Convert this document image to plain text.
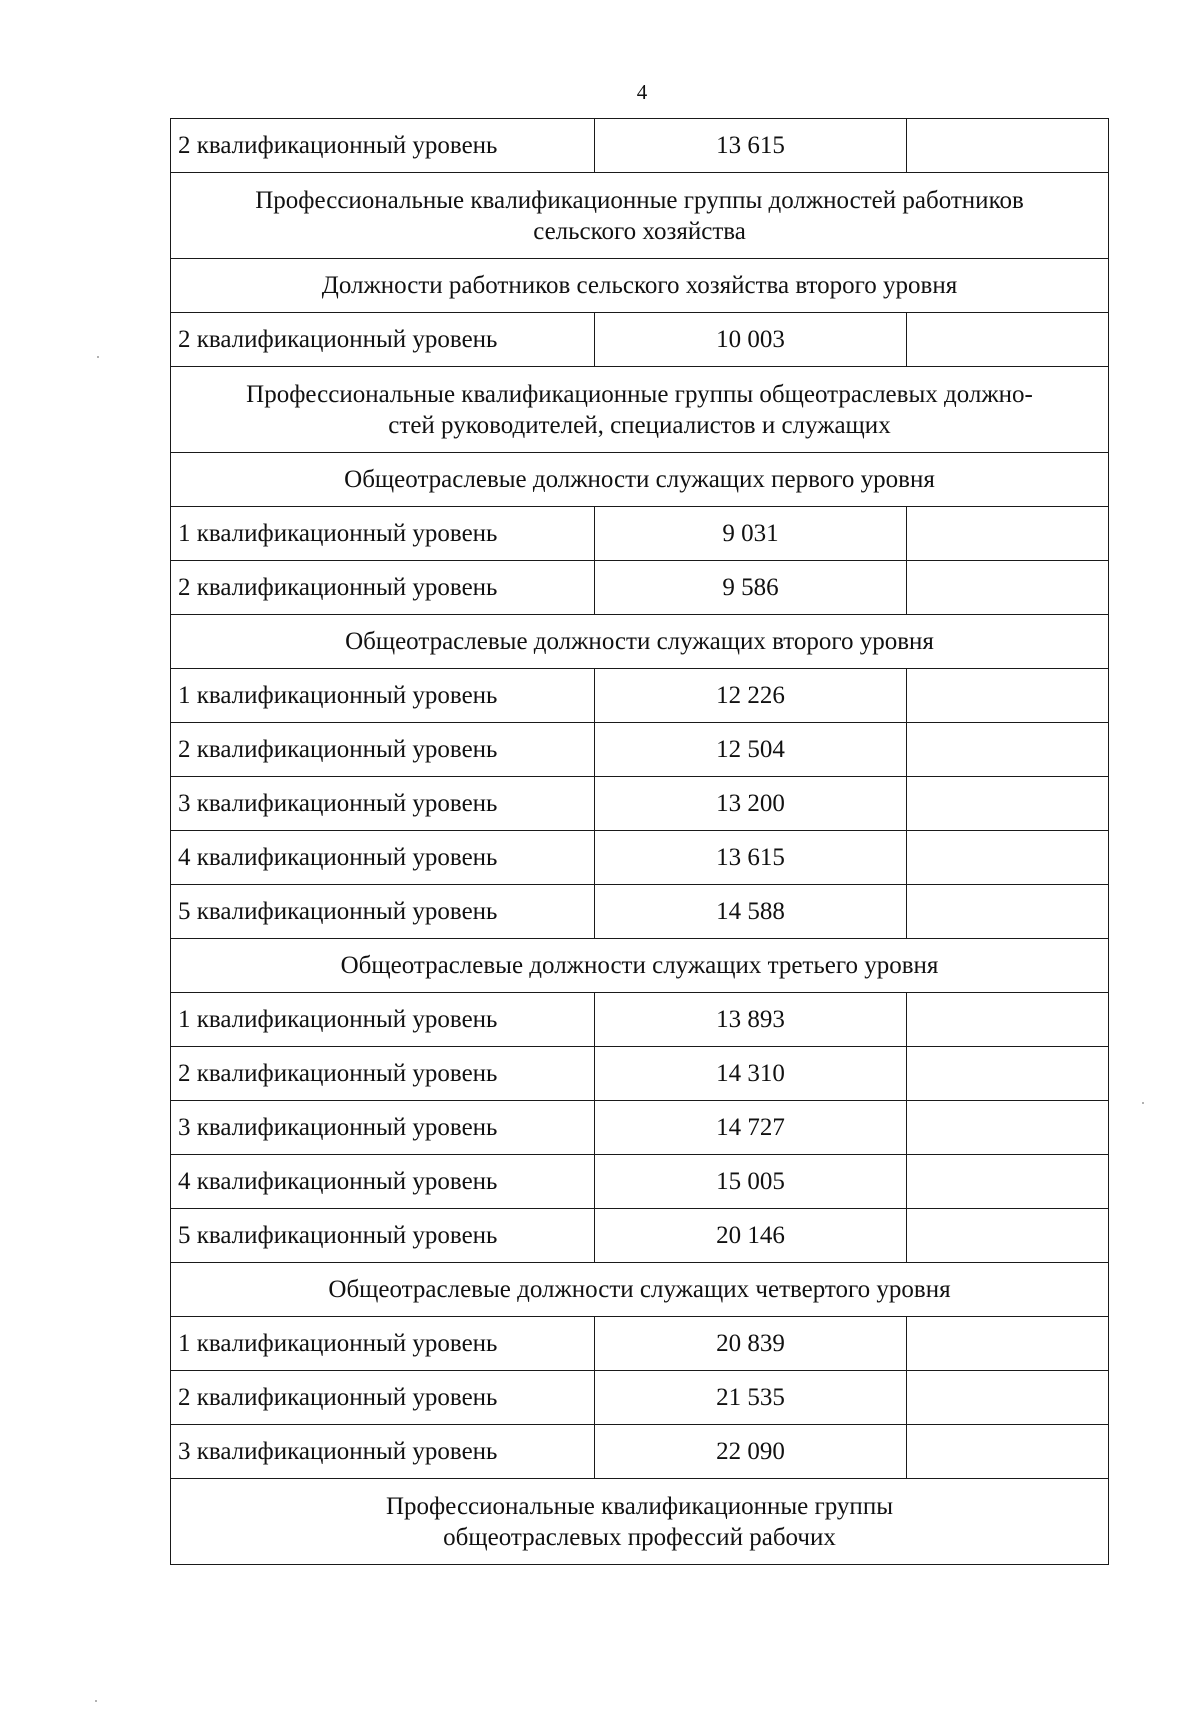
4
2 квалификационный уровень	13 615	
Профессиональные квалификационные группы должностей работников
сельского хозяйства		
Должности работников сельского хозяйства второго уровня		
2 квалификационный уровень	10 003	
Профессиональные квалификационные группы общеотраслевых должно-
стей руководителей, специалистов и служащих		
Общеотраслевые должности служащих первого уровня		
1 квалификационный уровень	9 031	
2 квалификационный уровень	9 586	
Общеотраслевые должности служащих второго уровня		
1 квалификационный уровень	12 226	
2 квалификационный уровень	12 504	
3 квалификационный уровень	13 200	
4 квалификационный уровень	13 615	
5 квалификационный уровень	14 588	
Общеотраслевые должности служащих третьего уровня		
1 квалификационный уровень	13 893	
2 квалификационный уровень	14 310	
3 квалификационный уровень	14 727	
4 квалификационный уровень	15 005	
5 квалификационный уровень	20 146	
Общеотраслевые должности служащих четвертого уровня		
1 квалификационный уровень	20 839	
2 квалификационный уровень	21 535	
3 квалификационный уровень	22 090	
Профессиональные квалификационные группы
общеотраслевых профессий рабочих		
